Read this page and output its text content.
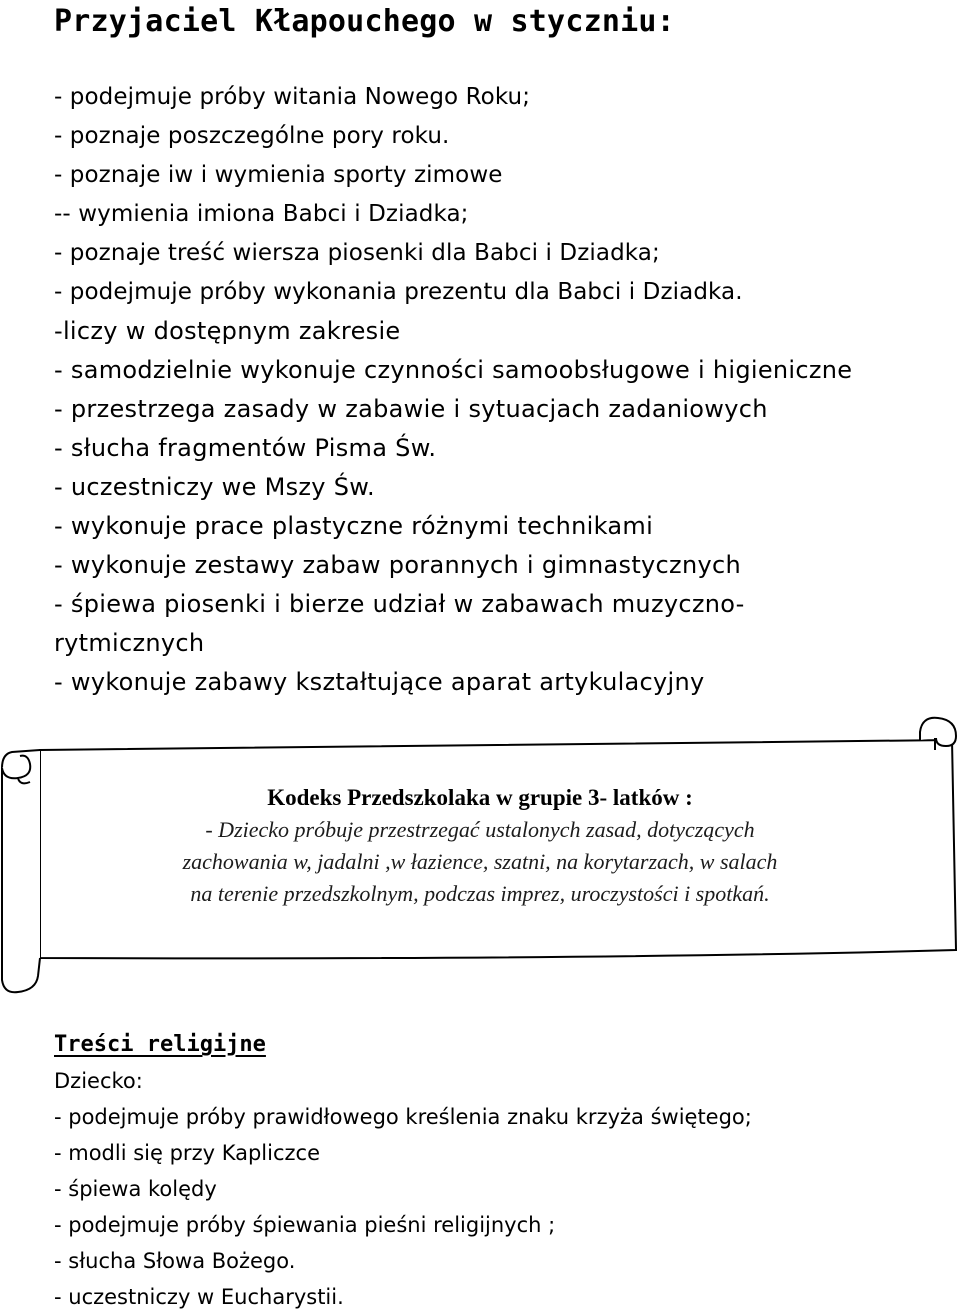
Przyjaciel Kłapouchego w styczniu:
- podejmuje próby witania Nowego Roku;
- poznaje poszczególne pory roku.
- poznaje iw i wymienia sporty zimowe
-- wymienia imiona Babci i Dziadka;
- poznaje treść wiersza piosenki dla Babci i Dziadka;
- podejmuje próby wykonania prezentu dla Babci i Dziadka.
-liczy w dostępnym zakresie
- samodzielnie wykonuje czynności samoobsługowe i higieniczne
- przestrzega zasady w zabawie i sytuacjach zadaniowych
- słucha fragmentów Pisma Św.
- uczestniczy we Mszy Św.
- wykonuje prace plastyczne różnymi technikami
- wykonuje zestawy zabaw porannych i gimnastycznych
- śpiewa piosenki i bierze udział w zabawach muzyczno-rytmicznych
- wykonuje zabawy kształtujące aparat artykulacyjny
Kodeks Przedszkolaka w grupie 3- latków :
- Dziecko próbuje przestrzegać ustalonych zasad, dotyczących
zachowania w, jadalni ,w łazience, szatni, na korytarzach, w salach
na terenie przedszkolnym, podczas imprez, uroczystości i spotkań.
Treści religijne
Dziecko:
- podejmuje próby prawidłowego kreślenia znaku krzyża świętego;
- modli się przy Kapliczce
- śpiewa kolędy
- podejmuje próby śpiewania pieśni religijnych ;
- słucha Słowa Bożego.
- uczestniczy w Eucharystii.
